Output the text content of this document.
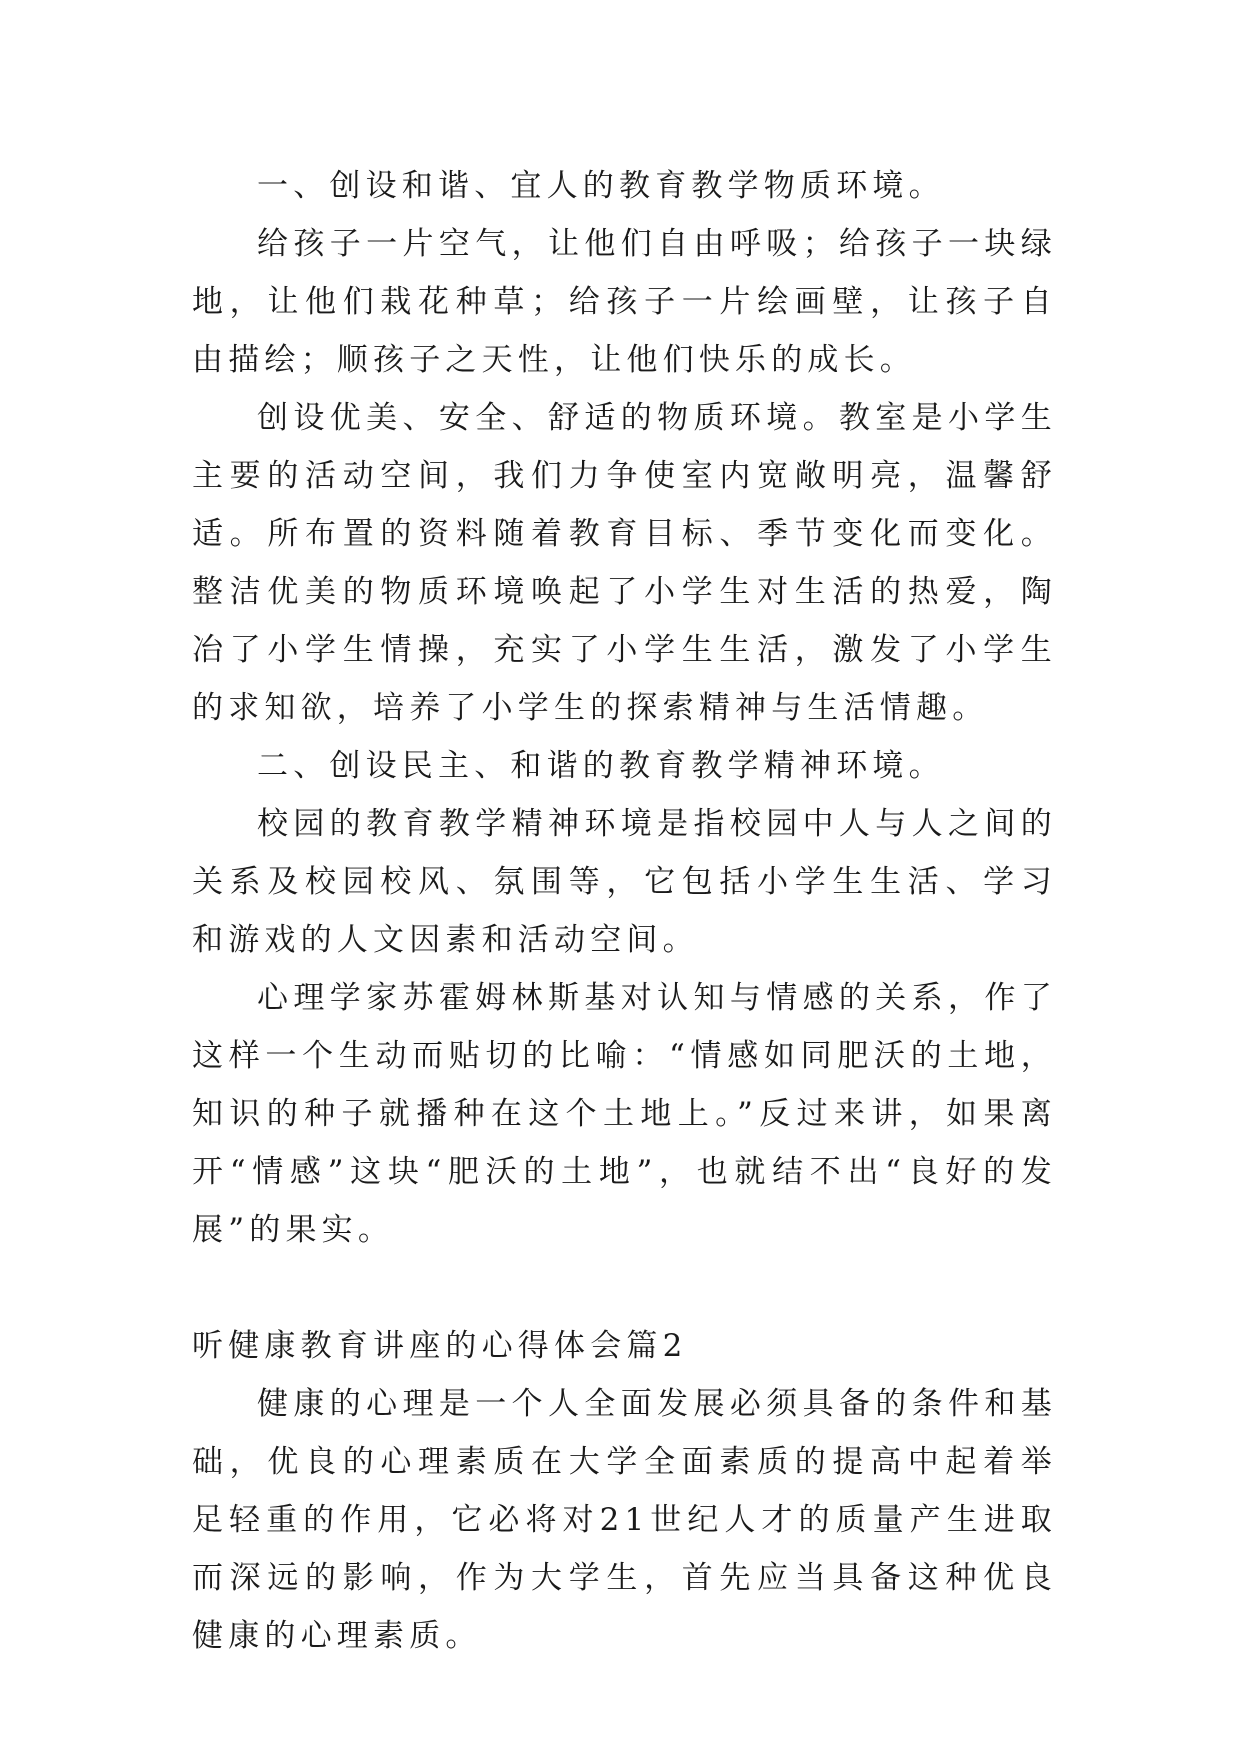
一、创设和谐、宜人的教育教学物质环境。

给孩子一片空气，让他们自由呼吸；给孩子一块绿地，让他们栽花种草；给孩子一片绘画壁，让孩子自由描绘；顺孩子之天性，让他们快乐的成长。

创设优美、安全、舒适的物质环境。教室是小学生主要的活动空间，我们力争使室内宽敞明亮，温馨舒适。所布置的资料随着教育目标、季节变化而变化。整洁优美的物质环境唤起了小学生对生活的热爱，陶冶了小学生情操，充实了小学生生活，激发了小学生的求知欲，培养了小学生的探索精神与生活情趣。

二、创设民主、和谐的教育教学精神环境。

校园的教育教学精神环境是指校园中人与人之间的关系及校园校风、氛围等，它包括小学生生活、学习和游戏的人文因素和活动空间。

心理学家苏霍姆林斯基对认知与情感的关系，作了这样一个生动而贴切的比喻：“情感如同肥沃的土地，知识的种子就播种在这个土地上。”反过来讲，如果离开“情感”这块“肥沃的土地”，也就结不出“良好的发展”的果实。

听健康教育讲座的心得体会篇2

健康的心理是一个人全面发展必须具备的条件和基础，优良的心理素质在大学全面素质的提高中起着举足轻重的作用，它必将对21世纪人才的质量产生进取而深远的影响，作为大学生，首先应当具备这种优良健康的心理素质。
